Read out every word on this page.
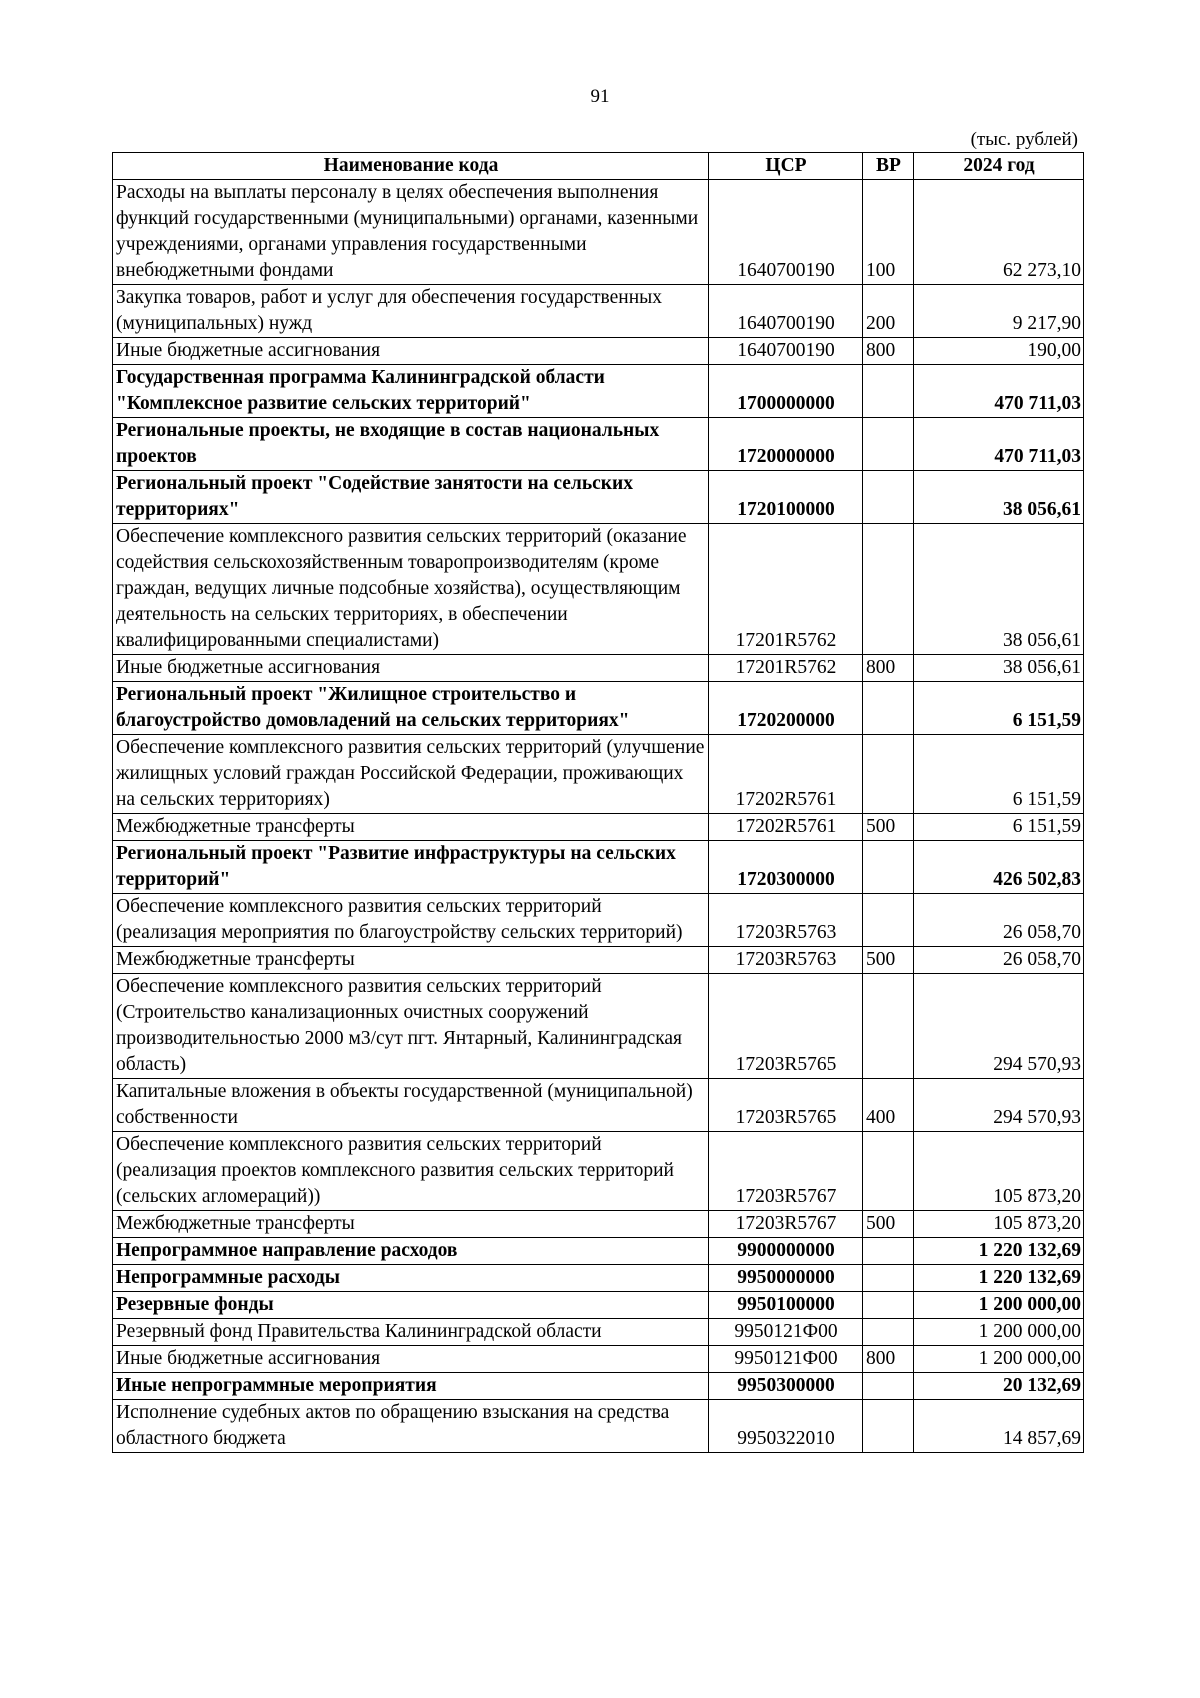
91
(тыс. рублей)
Наименование кода	ЦСР	ВР	2024 год
Расходы на выплаты персоналу в целях обеспечения выполнения функций государственными (муниципальными) органами, казенными учреждениями, органами управления государственными внебюджетными фондами	1640700190	100	62 273,10
Закупка товаров, работ и услуг для обеспечения государственных (муниципальных) нужд	1640700190	200	9 217,90
Иные бюджетные ассигнования	1640700190	800	190,00
Государственная программа Калининградской области "Комплексное развитие сельских территорий"	1700000000		470 711,03
Региональные проекты, не входящие в состав национальных проектов	1720000000		470 711,03
Региональный проект "Содействие занятости на сельских территориях"	1720100000		38 056,61
Обеспечение комплексного развития сельских территорий (оказание содействия сельскохозяйственным товаропроизводителям (кроме граждан, ведущих личные подсобные хозяйства), осуществляющим деятельность на сельских территориях, в обеспечении квалифицированными специалистами)	17201R5762		38 056,61
Иные бюджетные ассигнования	17201R5762	800	38 056,61
Региональный проект "Жилищное строительство и благоустройство домовладений на сельских территориях"	1720200000		6 151,59
Обеспечение комплексного развития сельских территорий (улучшение жилищных условий граждан Российской Федерации, проживающих на сельских территориях)	17202R5761		6 151,59
Межбюджетные трансферты	17202R5761	500	6 151,59
Региональный проект "Развитие инфраструктуры на сельских территорий"	1720300000		426 502,83
Обеспечение комплексного развития сельских территорий (реализация мероприятия по благоустройству сельских территорий)	17203R5763		26 058,70
Межбюджетные трансферты	17203R5763	500	26 058,70
Обеспечение комплексного развития сельских территорий (Строительство канализационных очистных сооружений производительностью 2000 м3/сут пгт. Янтарный, Калининградская область)	17203R5765		294 570,93
Капитальные вложения в объекты государственной (муниципальной) собственности	17203R5765	400	294 570,93
Обеспечение комплексного развития сельских территорий (реализация проектов комплексного развития сельских территорий (сельских агломераций))	17203R5767		105 873,20
Межбюджетные трансферты	17203R5767	500	105 873,20
Непрограммное направление расходов	9900000000		1 220 132,69
Непрограммные расходы	9950000000		1 220 132,69
Резервные фонды	9950100000		1 200 000,00
Резервный фонд Правительства Калининградской области	9950121Ф00		1 200 000,00
Иные бюджетные ассигнования	9950121Ф00	800	1 200 000,00
Иные непрограммные мероприятия	9950300000		20 132,69
Исполнение судебных актов по обращению взыскания на средства областного бюджета	9950322010		14 857,69
